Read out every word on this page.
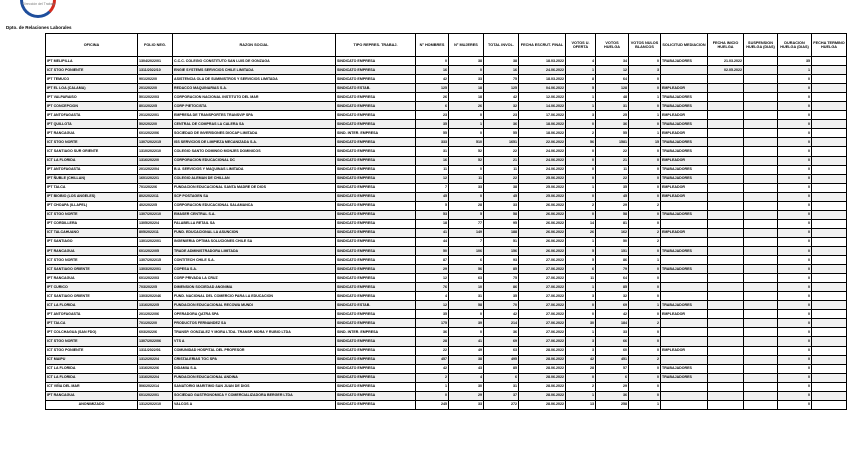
Dirección del Trabajo
Dpto. de Relaciones Laborales
OFICINA	FOLIO NEG.	RAZON SOCIAL	TIPO REPRES. TRABAJ.	N° HOMBRES	N° MUJERES	TOTAL INVOL.	FECHA ESCRUT. FINAL	VOTOS U. OFERTA	VOTOS HUELGA	VOTOS NULOS BLANCOS	SOLICITUD MEDIACION	FECHA INICIO HUELGA	SUSPENSION HUELGA (DIAS)	DURACION HUELGA (DIAS)	FECHA TERMINO HUELGA
IPT MELIPILLA	1304/2022/01	C.C.C. COLEGIO CONSTITUTO SAN LUIS DE GONZAGA	SINDICATO EMPRESA	0	38	38	18.03.2022	4	34	0	TRABAJADORES	21.03.2022		35	
ICT STGO PONIENTE	1311/2022/10	ENGIE SYSTEMS SERVICIOS CHILE LIMITADA	SINDICATO EMPRESA	16	0	16	24.06.2022	1	12	3		02.05.2022		1	
IPT TEMUCO	901/2022/0	ASISTENCIA OLA DE SUMINISTROS Y SERVICIOS LIMITADA	SINDICATO EMPRESA	42	33	75	18.03.2022	8	64	0				0	
IPT EL LOA (CALAMA)	201/2022/0	REDACCO MAQUINARIAS S.A.	SINDICATO ESTAB.	125	18	125	04.06.2022	5	128	0	EMPLEADOR			0	
IPT VALPARAISO	501/2022/03	CORPORACION NACIONAL INSTITUTO DEL MAR	SINDICATO EMPRESA	26	18	42	12.06.2022	1	48	1	TRABAJADORES			0	
IPT CONCEPCION	801/2022/5	CORP PIETOCISTA	SINDICATO EMPRESA	6	26	32	14.06.2022	1	31	0	TRABAJADORES			0	
IPT ANTOFAGASTA	201/2022/01	EMPRESA DE TRANSPORTES TRANSVIP SPA	SINDICATO EMPRESA	23	0	23	17.06.2022	3	25	1	EMPLEADOR			0	
IPT QUILLOTA	502/2022/0	CENTRAL DE COMPRAS LA CALERA SA	SINDICATO EMPRESA	35	1	36	18.06.2022	0	36	0	TRABAJADORES			0	
IPT RANCAGUA	601/2022/06	SOCIEDAD DE INVERSIONES DIOCAP LIMITADA	SIND. INTER. EMPRESA	55	0	55	18.06.2022	2	55	1	EMPLEADOR			0	
ICT STGO NORTE	1307/2022/15	ISS SERVICIOS DE LIMPIEZA MECANIZADA S.A.	SINDICATO EMPRESA	333	510	1651	22.06.2022	56	1581	15	TRABAJADORES			0	
ICT SANTIAGO SUR ORIENTE	1310/2022/10	COLEGIO SANTO DOMINGO MONJES DOMINICOS	SINDICATO EMPRESA	31	52	22	24.06.2022	0	22	0	TRABAJADORES			0	
ICT LA FLORIDA	1316/2022/0	CORPORACION EDUCACIONAL DC	SINDICATO EMPRESA	16	52	21	24.06.2022	0	21	0	EMPLEADOR			0	
IPT ANTOFAGASTA	201/2022/04	B.U. SERVICIOS Y MAQUINAS LIMITADA	SINDICATO EMPRESA	11	0	11	24.06.2022	0	11	0	TRABAJADORES			0	
IPT ÑUBLE (CHILLAN)	1601/2022/1	COLEGIO ALEMAN DE CHILLAN	SINDICATO EMPRESA	12	11	22	25.06.2022	0	22	0	TRABAJADORES			0	
IPT TALCA	701/2022/6	FUNDACION EDUCACIONAL SANTA MADRE DE DIOS	SINDICATO EMPRESA	7	33	38	25.06.2022	1	35	0	EMPLEADOR			0	
IPT BIOBIO (LOS ANGELES)	802/2022/11	SCP POSTAGEN SA	SINDICATO EMPRESA	45	0	45	25.06.2022	0	45	0	EMPLEADOR			0	
IPT CHOAPA (ILLAPEL)	402/2022/5	CORPORACION EDUCACIONAL SALAMANCA	SINDICATO EMPRESA	5	28	33	26.06.2022	2	29	2				0	
ICT STGO NORTE	1307/2022/10	EMASER CENTRAL S.A.	SINDICATO EMPRESA	53	5	58	26.06.2022	0	58	0	TRABAJADORES			0	
IPT CORDILLERA	1305/2022/4	FALABELLA RETAIL SA	SINDICATO EMPRESA	18	77	95	26.06.2022	14	81	0				0	
ICT TALCAHUANO	805/2022/11	FUND. EDUCACIONAL LA ASUNCION	SINDICATO EMPRESA	41	149	188	26.06.2022	26	162	2	EMPLEADOR			0	
IPT SANTIAGO	1301/2022/01	INGENIERIA OPTIMA SOLUCIONES CHILE SA	SINDICATO EMPRESA	44	7	51	26.06.2022	1	50	2				0	
IPT RANCAGUA	601/2022/05	TRADE ADMINISTRADORA LIMITADA	SINDICATO EMPRESA	50	106	156	26.06.2022	5	151	0	TRABAJADORES			0	
ICT STGO NORTE	1307/2022/15	CONTITECH CHILE S.A.	SINDICATO EMPRESA	87	6	93	27.06.2022	5	86	1				0	
ICT SANTIAGO ORIENTE	1303/2022/01	COPESA S.A.	SINDICATO EMPRESA	29	56	85	27.06.2022	6	79	0	TRABAJADORES			0	
IPT RANCAGUA	601/2022/03	CORP PRIVADA LA CRUZ	SINDICATO EMPRESA	12	63	75	27.06.2022	11	64	0				0	
IPT CURICO	703/2022/5	DIMENSION SOCIEDAD ANONIMA	SINDICATO EMPRESA	76	10	86	27.06.2022	1	85	0				0	
ICT SANTIAGO ORIENTE	1303/2022/46	FUND. NACIONAL DEL COMERCIO PARA LA EDUCACION	SINDICATO EMPRESA	4	31	35	27.06.2022	3	32	0				0	
ICT LA FLORIDA	1316/2022/5	FUNDACION EDUCACIONAL RECOWA MUNDI	SINDICATO ESTAB.	12	58	70	27.06.2022	0	69	1	TRABAJADORES			0	
IPT ANTOFAGASTA	201/2022/06	OPERADORA QATRA SPA	SINDICATO EMPRESA	35	0	42	27.06.2022	0	42	0	EMPLEADOR			0	
IPT TALCA	701/2022/0	PRODUCTOS FERNANDEZ SA	SINDICATO EMPRESA	175	39	214	27.06.2022	30	184	2				0	
IPT COLCHAGUA (SAN FDO)	603/2022/6	TRANSP. GONZALEZ Y MORA LTDA. TRANSP. MORA Y RUBIO LTDA	SIND. INTER. EMPRESA	36	0	36	27.06.2022	1	33	0				0	
ICT STGO NORTE	1307/2022/06	VTS A	SINDICATO EMPRESA	28	41	69	27.06.2022	3	66	0				0	
ICT STGO PONIENTE	1311/2022/01	COMUNIDAD HOSPITAL DEL PROFESOR	SINDICATO EMPRESA	22	49	63	28.06.2022	3	60	0	EMPLEADOR			0	
ICT MAIPU	1312/2022/4	CRISTALERIAS TOC SPA	SINDICATO EMPRESA	457	38	495	28.06.2022	42	451	2				0	
ICT LA FLORIDA	1316/2022/6	DIDAMIA S.A.	SINDICATO EMPRESA	42	43	85	28.06.2022	28	57	0	TRABAJADORES			0	
ICT LA FLORIDA	1316/2022/4	FUNDACION EDUCACIONAL ANDINA	SINDICATO EMPRESA	2	4	6	28.06.2022	0	6	0	TRABAJADORES			0	
ICT VIÑA DEL MAR	506/2022/14	SANATORIO MARITIMO SAN JUAN DE DIOS	SINDICATO EMPRESA	1	30	31	28.06.2022	2	29	0				0	
IPT RANCAGUA	601/2022/01	SOCIEDAD GASTRONOMICA Y COMERCIALIZADORA BERGER LTDA	SINDICATO EMPRESA	0	29	37	28.06.2022	1	36	0				0	
ANONIMIZADO	1312/2022/10	VALCOS A	SINDICATO EMPRESA	245	33	272	28.06.2022	13	258	1				0	
